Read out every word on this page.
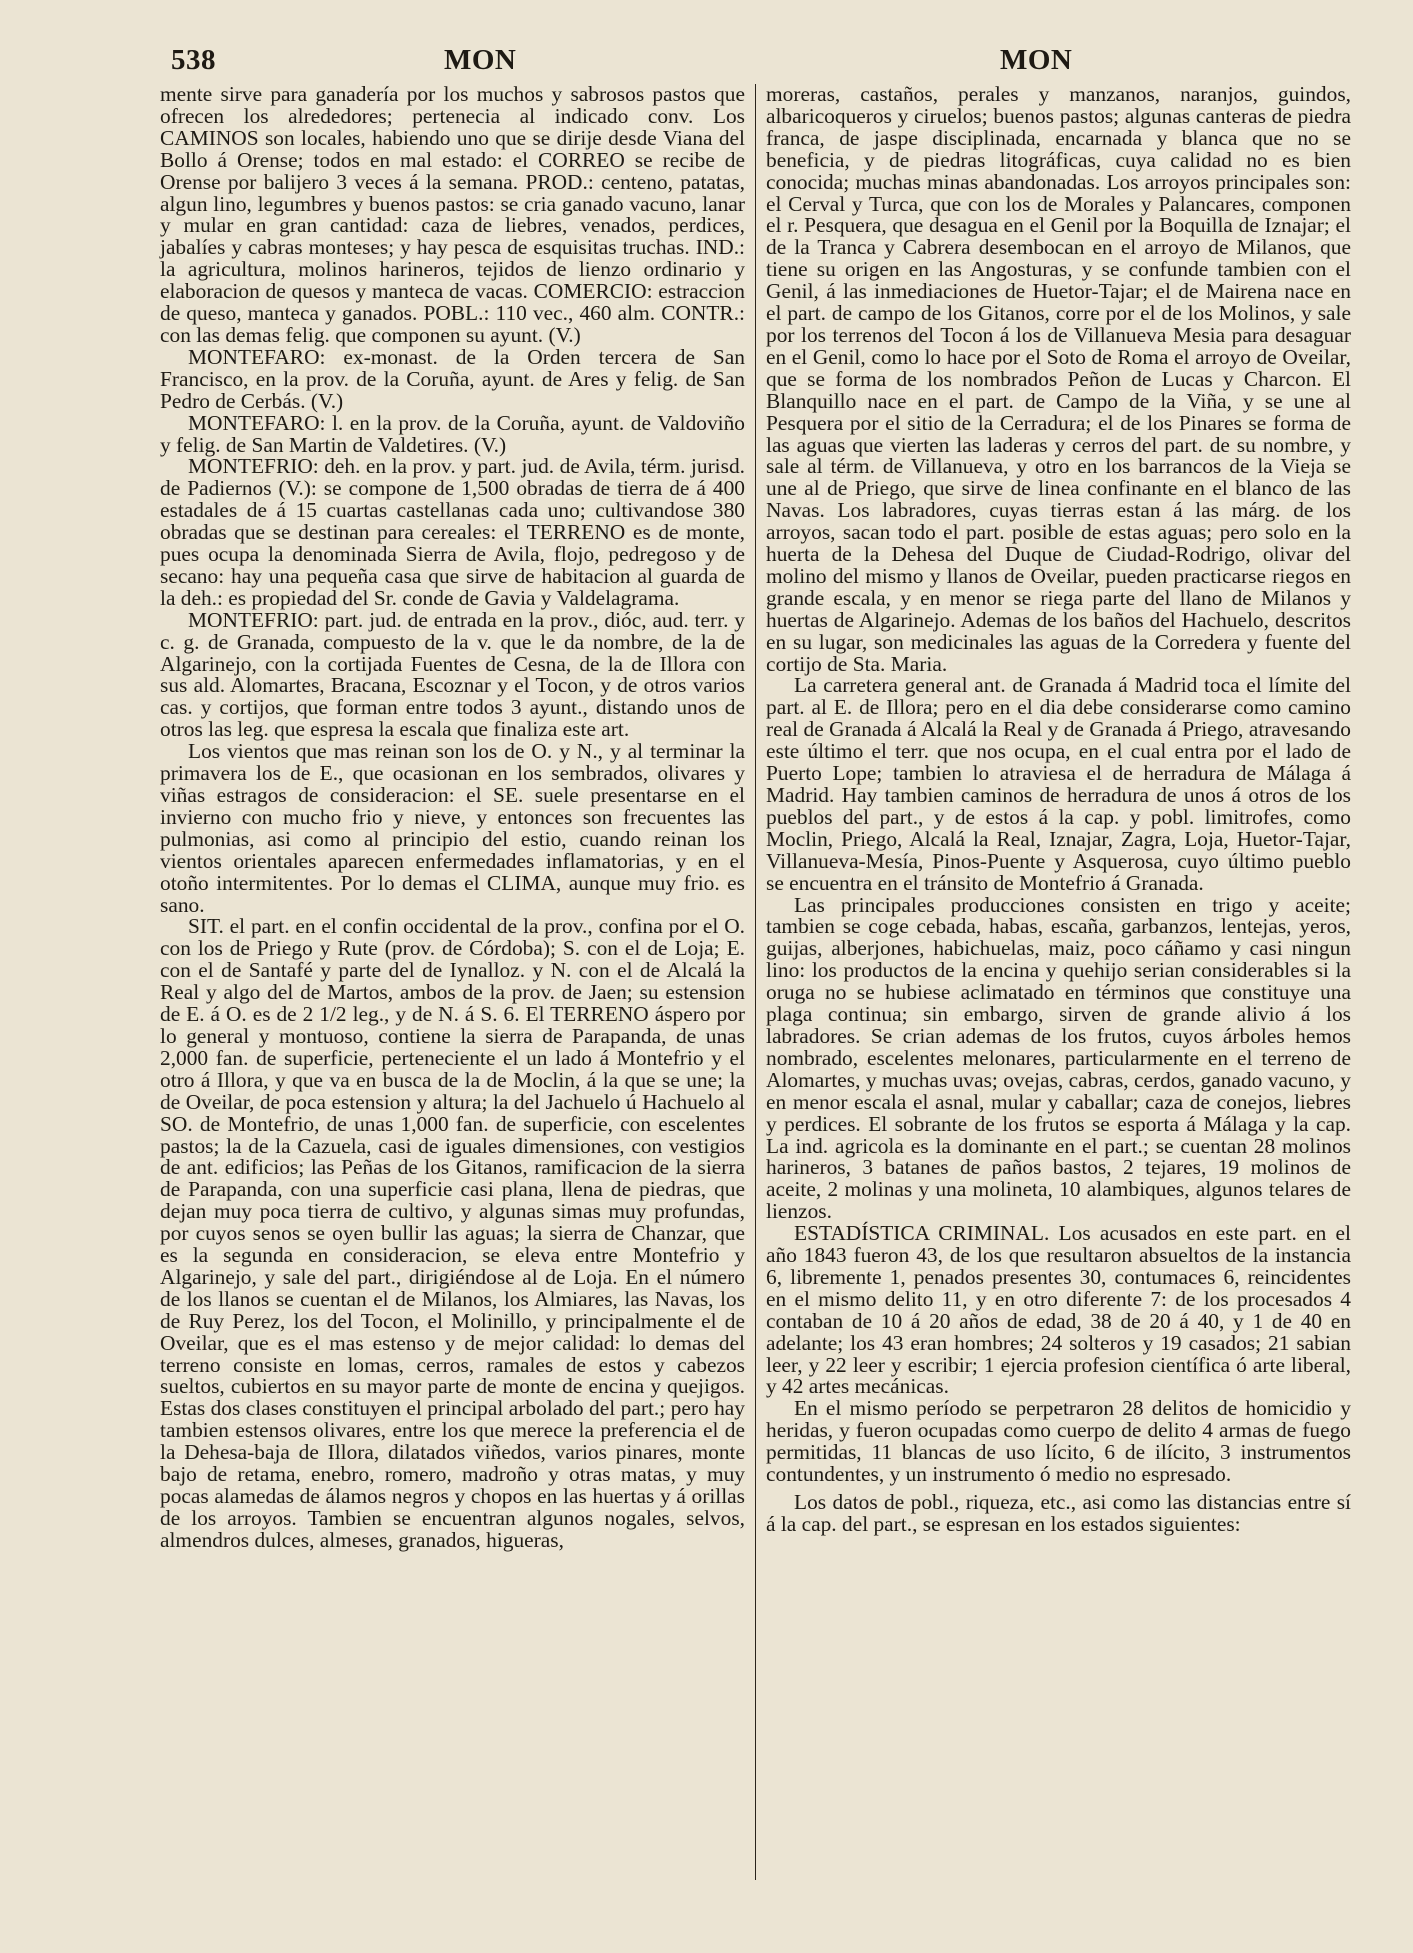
538	MON	MON

mente sirve para ganadería por los muchos y sabrosos pastos que ofrecen los alrededores; pertenecia al indicado conv. Los CAMINOS son locales, habiendo uno que se dirije desde Viana del Bollo á Orense; todos en mal estado: el CORREO se recibe de Orense por balijero 3 veces á la semana. PROD.: centeno, patatas, algun lino, legumbres y buenos pastos: se cria ganado vacuno, lanar y mular en gran cantidad: caza de liebres, venados, perdices, jabalíes y cabras monteses; y hay pesca de esquisitas truchas. IND.: la agricultura, molinos harineros, tejidos de lienzo ordinario y elaboracion de quesos y manteca de vacas. COMERCIO: estraccion de queso, manteca y ganados. POBL.: 110 vec., 460 alm. CONTR.: con las demas felig. que componen su ayunt. (V.)

MONTEFARO: ex-monast. de la Orden tercera de San Francisco, en la prov. de la Coruña, ayunt. de Ares y felig. de San Pedro de Cerbás. (V.)

MONTEFARO: l. en la prov. de la Coruña, ayunt. de Valdoviño y felig. de San Martin de Valdetires. (V.)

MONTEFRIO: deh. en la prov. y part. jud. de Avila, térm. jurisd. de Padiernos (V.): se compone de 1,500 obradas de tierra de á 400 estadales de á 15 cuartas castellanas cada uno; cultivandose 380 obradas que se destinan para cereales: el TERRENO es de monte, pues ocupa la denominada Sierra de Avila, flojo, pedregoso y de secano: hay una pequeña casa que sirve de habitacion al guarda de la deh.: es propiedad del Sr. conde de Gavia y Valdelagrama.

MONTEFRIO: part. jud. de entrada en la prov., dióc, aud. terr. y c. g. de Granada, compuesto de la v. que le da nombre, de la de Algarinejo, con la cortijada Fuentes de Cesna, de la de Illora con sus ald. Alomartes, Bracana, Escoznar y el Tocon, y de otros varios cas. y cortijos, que forman entre todos 3 ayunt., distando unos de otros las leg. que espresa la escala que finaliza este art.

Los vientos que mas reinan son los de O. y N., y al terminar la primavera los de E., que ocasionan en los sembrados, olivares y viñas estragos de consideracion: el SE. suele presentarse en el invierno con mucho frio y nieve, y entonces son frecuentes las pulmonias, asi como al principio del estio, cuando reinan los vientos orientales aparecen enfermedades inflamatorias, y en el otoño intermitentes. Por lo demas el CLIMA, aunque muy frio. es sano.

SIT. el part. en el confin occidental de la prov., confina por el O. con los de Priego y Rute (prov. de Córdoba); S. con el de Loja; E. con el de Santafé y parte del de Iynalloz. y N. con el de Alcalá la Real y algo del de Martos, ambos de la prov. de Jaen; su estension de E. á O. es de 2 1/2 leg., y de N. á S. 6. El TERRENO áspero por lo general y montuoso, contiene la sierra de Parapanda, de unas 2,000 fan. de superficie, perteneciente el un lado á Montefrio y el otro á Illora, y que va en busca de la de Moclin, á la que se une; la de Oveilar, de poca estension y altura; la del Jachuelo ú Hachuelo al SO. de Montefrio, de unas 1,000 fan. de superficie, con escelentes pastos; la de la Cazuela, casi de iguales dimensiones, con vestigios de ant. edificios; las Peñas de los Gitanos, ramificacion de la sierra de Parapanda, con una superficie casi plana, llena de piedras, que dejan muy poca tierra de cultivo, y algunas simas muy profundas, por cuyos senos se oyen bullir las aguas; la sierra de Chanzar, que es la segunda en consideracion, se eleva entre Montefrio y Algarinejo, y sale del part., dirigiéndose al de Loja. En el número de los llanos se cuentan el de Milanos, los Almiares, las Navas, los de Ruy Perez, los del Tocon, el Molinillo, y principalmente el de Oveilar, que es el mas estenso y de mejor calidad: lo demas del terreno consiste en lomas, cerros, ramales de estos y cabezos sueltos, cubiertos en su mayor parte de monte de encina y quejigos. Estas dos clases constituyen el principal arbolado del part.; pero hay tambien estensos olivares, entre los que merece la preferencia el de la Dehesa-baja de Illora, dilatados viñedos, varios pinares, monte bajo de retama, enebro, romero, madroño y otras matas, y muy pocas alamedas de álamos negros y chopos en las huertas y á orillas de los arroyos. Tambien se encuentran algunos nogales, selvos, almendros dulces, almeses, granados, higueras,

moreras, castaños, perales y manzanos, naranjos, guindos, albaricoqueros y ciruelos; buenos pastos; algunas canteras de piedra franca, de jaspe disciplinada, encarnada y blanca que no se beneficia, y de piedras litográficas, cuya calidad no es bien conocida; muchas minas abandonadas. Los arroyos principales son: el Cerval y Turca, que con los de Morales y Palancares, componen el r. Pesquera, que desagua en el Genil por la Boquilla de Iznajar; el de la Tranca y Cabrera desembocan en el arroyo de Milanos, que tiene su origen en las Angosturas, y se confunde tambien con el Genil, á las inmediaciones de Huetor-Tajar; el de Mairena nace en el part. de campo de los Gitanos, corre por el de los Molinos, y sale por los terrenos del Tocon á los de Villanueva Mesia para desaguar en el Genil, como lo hace por el Soto de Roma el arroyo de Oveilar, que se forma de los nombrados Peñon de Lucas y Charcon. El Blanquillo nace en el part. de Campo de la Viña, y se une al Pesquera por el sitio de la Cerradura; el de los Pinares se forma de las aguas que vierten las laderas y cerros del part. de su nombre, y sale al térm. de Villanueva, y otro en los barrancos de la Vieja se une al de Priego, que sirve de linea confinante en el blanco de las Navas. Los labradores, cuyas tierras estan á las márg. de los arroyos, sacan todo el part. posible de estas aguas; pero solo en la huerta de la Dehesa del Duque de Ciudad-Rodrigo, olivar del molino del mismo y llanos de Oveilar, pueden practicarse riegos en grande escala, y en menor se riega parte del llano de Milanos y huertas de Algarinejo. Ademas de los baños del Hachuelo, descritos en su lugar, son medicinales las aguas de la Corredera y fuente del cortijo de Sta. Maria.

La carretera general ant. de Granada á Madrid toca el límite del part. al E. de Illora; pero en el dia debe considerarse como camino real de Granada á Alcalá la Real y de Granada á Priego, atravesando este último el terr. que nos ocupa, en el cual entra por el lado de Puerto Lope; tambien lo atraviesa el de herradura de Málaga á Madrid. Hay tambien caminos de herradura de unos á otros de los pueblos del part., y de estos á la cap. y pobl. limitrofes, como Moclin, Priego, Alcalá la Real, Iznajar, Zagra, Loja, Huetor-Tajar, Villanueva-Mesía, Pinos-Puente y Asquerosa, cuyo último pueblo se encuentra en el tránsito de Montefrio á Granada.

Las principales producciones consisten en trigo y aceite; tambien se coge cebada, habas, escaña, garbanzos, lentejas, yeros, guijas, alberjones, habichuelas, maiz, poco cáñamo y casi ningun lino: los productos de la encina y quehijo serian considerables si la oruga no se hubiese aclimatado en términos que constituye una plaga continua; sin embargo, sirven de grande alivio á los labradores. Se crian ademas de los frutos, cuyos árboles hemos nombrado, escelentes melonares, particularmente en el terreno de Alomartes, y muchas uvas; ovejas, cabras, cerdos, ganado vacuno, y en menor escala el asnal, mular y caballar; caza de conejos, liebres y perdices. El sobrante de los frutos se esporta á Málaga y la cap. La ind. agricola es la dominante en el part.; se cuentan 28 molinos harineros, 3 batanes de paños bastos, 2 tejares, 19 molinos de aceite, 2 molinas y una molineta, 10 alambiques, algunos telares de lienzos.

ESTADÍSTICA CRIMINAL. Los acusados en este part. en el año 1843 fueron 43, de los que resultaron absueltos de la instancia 6, libremente 1, penados presentes 30, contumaces 6, reincidentes en el mismo delito 11, y en otro diferente 7: de los procesados 4 contaban de 10 á 20 años de edad, 38 de 20 á 40, y 1 de 40 en adelante; los 43 eran hombres; 24 solteros y 19 casados; 21 sabian leer, y 22 leer y escribir; 1 ejercia profesion científica ó arte liberal, y 42 artes mecánicas.

En el mismo período se perpetraron 28 delitos de homicidio y heridas, y fueron ocupadas como cuerpo de delito 4 armas de fuego permitidas, 11 blancas de uso lícito, 6 de ilícito, 3 instrumentos contundentes, y un instrumento ó medio no espresado.

Los datos de pobl., riqueza, etc., asi como las distancias entre sí á la cap. del part., se espresan en los estados siguientes:
